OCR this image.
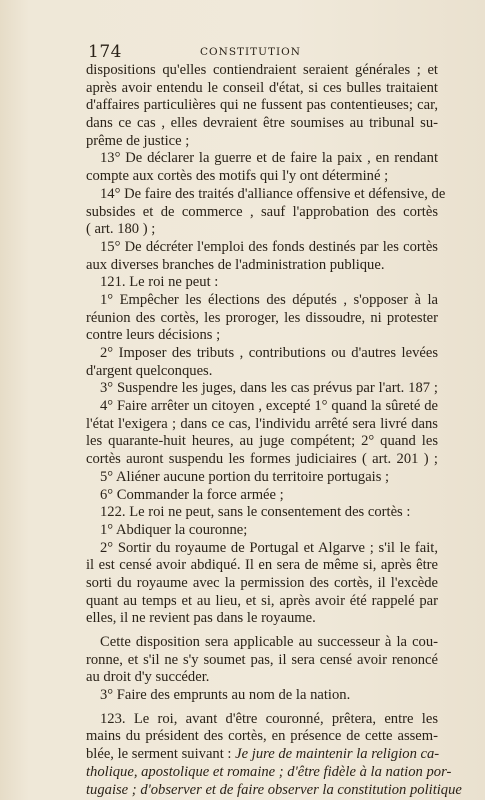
174	CONSTITUTION
dispositions qu'elles contiendraient seraient générales ; et
après avoir entendu le conseil d'état, si ces bulles traitaient
d'affaires particulières qui ne fussent pas contentieuses; car,
dans ce cas , elles devraient être soumises au tribunal su-
prême de justice ;
13° De déclarer la guerre et de faire la paix , en rendant
compte aux cortès des motifs qui l'y ont déterminé ;
14° De faire des traités d'alliance offensive et défensive, de
subsides et de commerce , sauf l'approbation des cortès
( art. 180 ) ;
15° De décréter l'emploi des fonds destinés par les cortès
aux diverses branches de l'administration publique.
121. Le roi ne peut :
1° Empêcher les élections des députés , s'opposer à la
réunion des cortès, les proroger, les dissoudre, ni protester
contre leurs décisions ;
2° Imposer des tributs , contributions ou d'autres levées
d'argent quelconques.
3° Suspendre les juges, dans les cas prévus par l'art. 187 ;
4° Faire arrêter un citoyen , excepté 1° quand la sûreté de
l'état l'exigera ; dans ce cas, l'individu arrêté sera livré dans
les quarante-huit heures, au juge compétent; 2° quand les
cortès auront suspendu les formes judiciaires ( art. 201 ) ;
5° Aliéner aucune portion du territoire portugais ;
6° Commander la force armée ;
122. Le roi ne peut, sans le consentement des cortès :
1° Abdiquer la couronne;
2° Sortir du royaume de Portugal et Algarve ; s'il le fait,
il est censé avoir abdiqué. Il en sera de même si, après être
sorti du royaume avec la permission des cortès, il l'excède
quant au temps et au lieu, et si, après avoir été rappelé par
elles, il ne revient pas dans le royaume.
Cette disposition sera applicable au successeur à la cou-
ronne, et s'il ne s'y soumet pas, il sera censé avoir renoncé
au droit d'y succéder.
3° Faire des emprunts au nom de la nation.
123. Le roi, avant d'être couronné, prêtera, entre les
mains du président des cortès, en présence de cette assem-
blée, le serment suivant : Je jure de maintenir la religion ca-
tholique, apostolique et romaine ; d'être fidèle à la nation por-
tugaise ; d'observer et de faire observer la constitution politique
